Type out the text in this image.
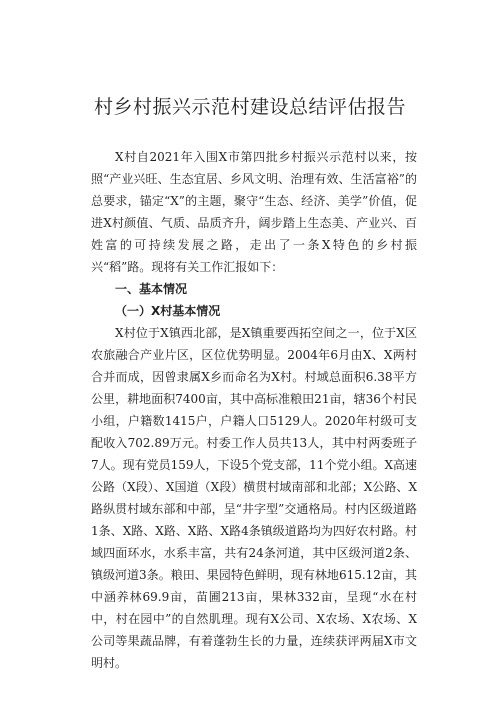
村乡村振兴示范村建设总结评估报告

X村自2021年入围X市第四批乡村振兴示范村以来，按照“产业兴旺、生态宜居、乡风文明、治理有效、生活富裕”的总要求，锚定“X”的主题，聚守“生态、经济、美学”价值，促进X村颜值、气质、品质齐升，阔步踏上生态美、产业兴、百姓富的可持续发展之路，走出了一条X特色的乡村振兴“稻”路。现将有关工作汇报如下：

一、基本情况

（一）X村基本情况

X村位于X镇西北部，是X镇重要西拓空间之一，位于X区农旅融合产业片区，区位优势明显。2004年6月由X、X两村合并而成，因曾隶属X乡而命名为X村。村域总面积6.38平方公里，耕地面积7400亩，其中高标准粮田21亩，辖36个村民小组，户籍数1415户，户籍人口5129人。2020年村级可支配收入702.89万元。村委工作人员共13人，其中村两委班子7人。现有党员159人，下设5个党支部，11个党小组。X高速公路（X段）、X国道（X段）横贯村域南部和北部；X公路、X路纵贯村域东部和中部，呈“井字型”交通格局。村内区级道路1条、X路、X路、X路、X路4条镇级道路均为四好农村路。村域四面环水，水系丰富，共有24条河道，其中区级河道2条、镇级河道3条。粮田、果园特色鲜明，现有林地615.12亩，其中涵养林69.9亩，苗圃213亩，果林332亩，呈现“水在村中，村在园中”的自然肌理。现有X公司、X农场、X农场、X公司等果蔬品牌，有着蓬勃生长的力量，连续获评两届X市文明村。
